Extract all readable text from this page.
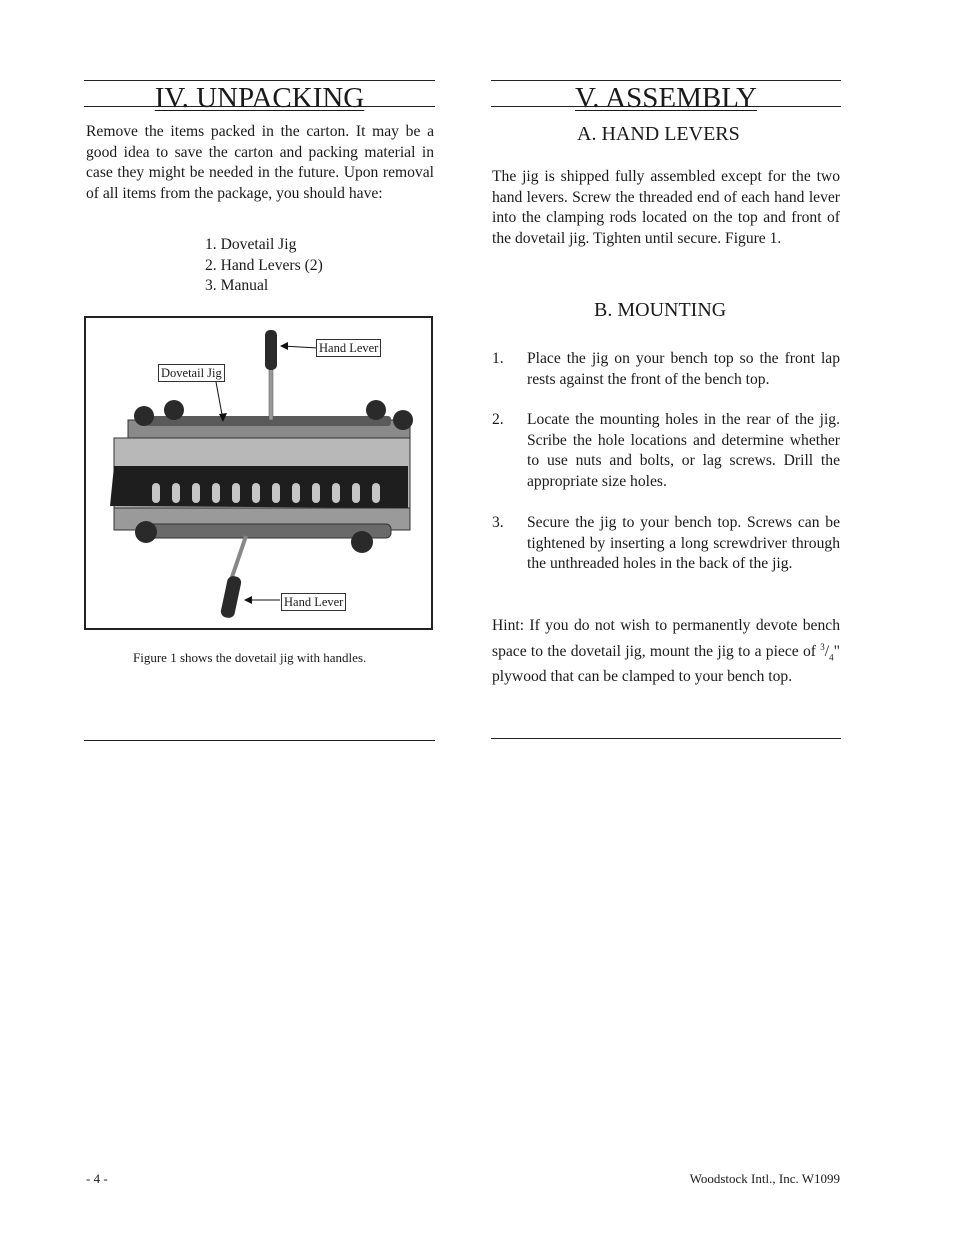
IV. UNPACKING	V. ASSEMBLY

Remove the items packed in the carton. It may be a good idea to save the carton and packing material in case they might be needed in the future. Upon removal of all items from the package, you should have:

1. Dovetail Jig
2. Hand Levers (2)
3. Manual
Hand Lever
Dovetail Jig
Hand Lever
Figure 1 shows the dovetail jig with handles.
A. HAND LEVERS

The jig is shipped fully assembled except for the two hand levers. Screw the threaded end of each hand lever into the clamping rods located on the top and front of the dovetail jig. Tighten until secure. Figure 1.

B. MOUNTING
1. Place the jig on your bench top so the front lap rests against the front of the bench top.
2. Locate the mounting holes in the rear of the jig. Scribe the hole locations and determine whether to use nuts and bolts, or lag screws. Drill the appropriate size holes.
3. Secure the jig to your bench top. Screws can be tightened by inserting a long screwdriver through the unthreaded holes in the back of the jig.

Hint: If you do not wish to permanently devote bench space to the dovetail jig, mount the jig to a piece of $^3/_4$" plywood that can be clamped to your bench top.

- 4 -	Woodstock Intl., Inc. W1099
